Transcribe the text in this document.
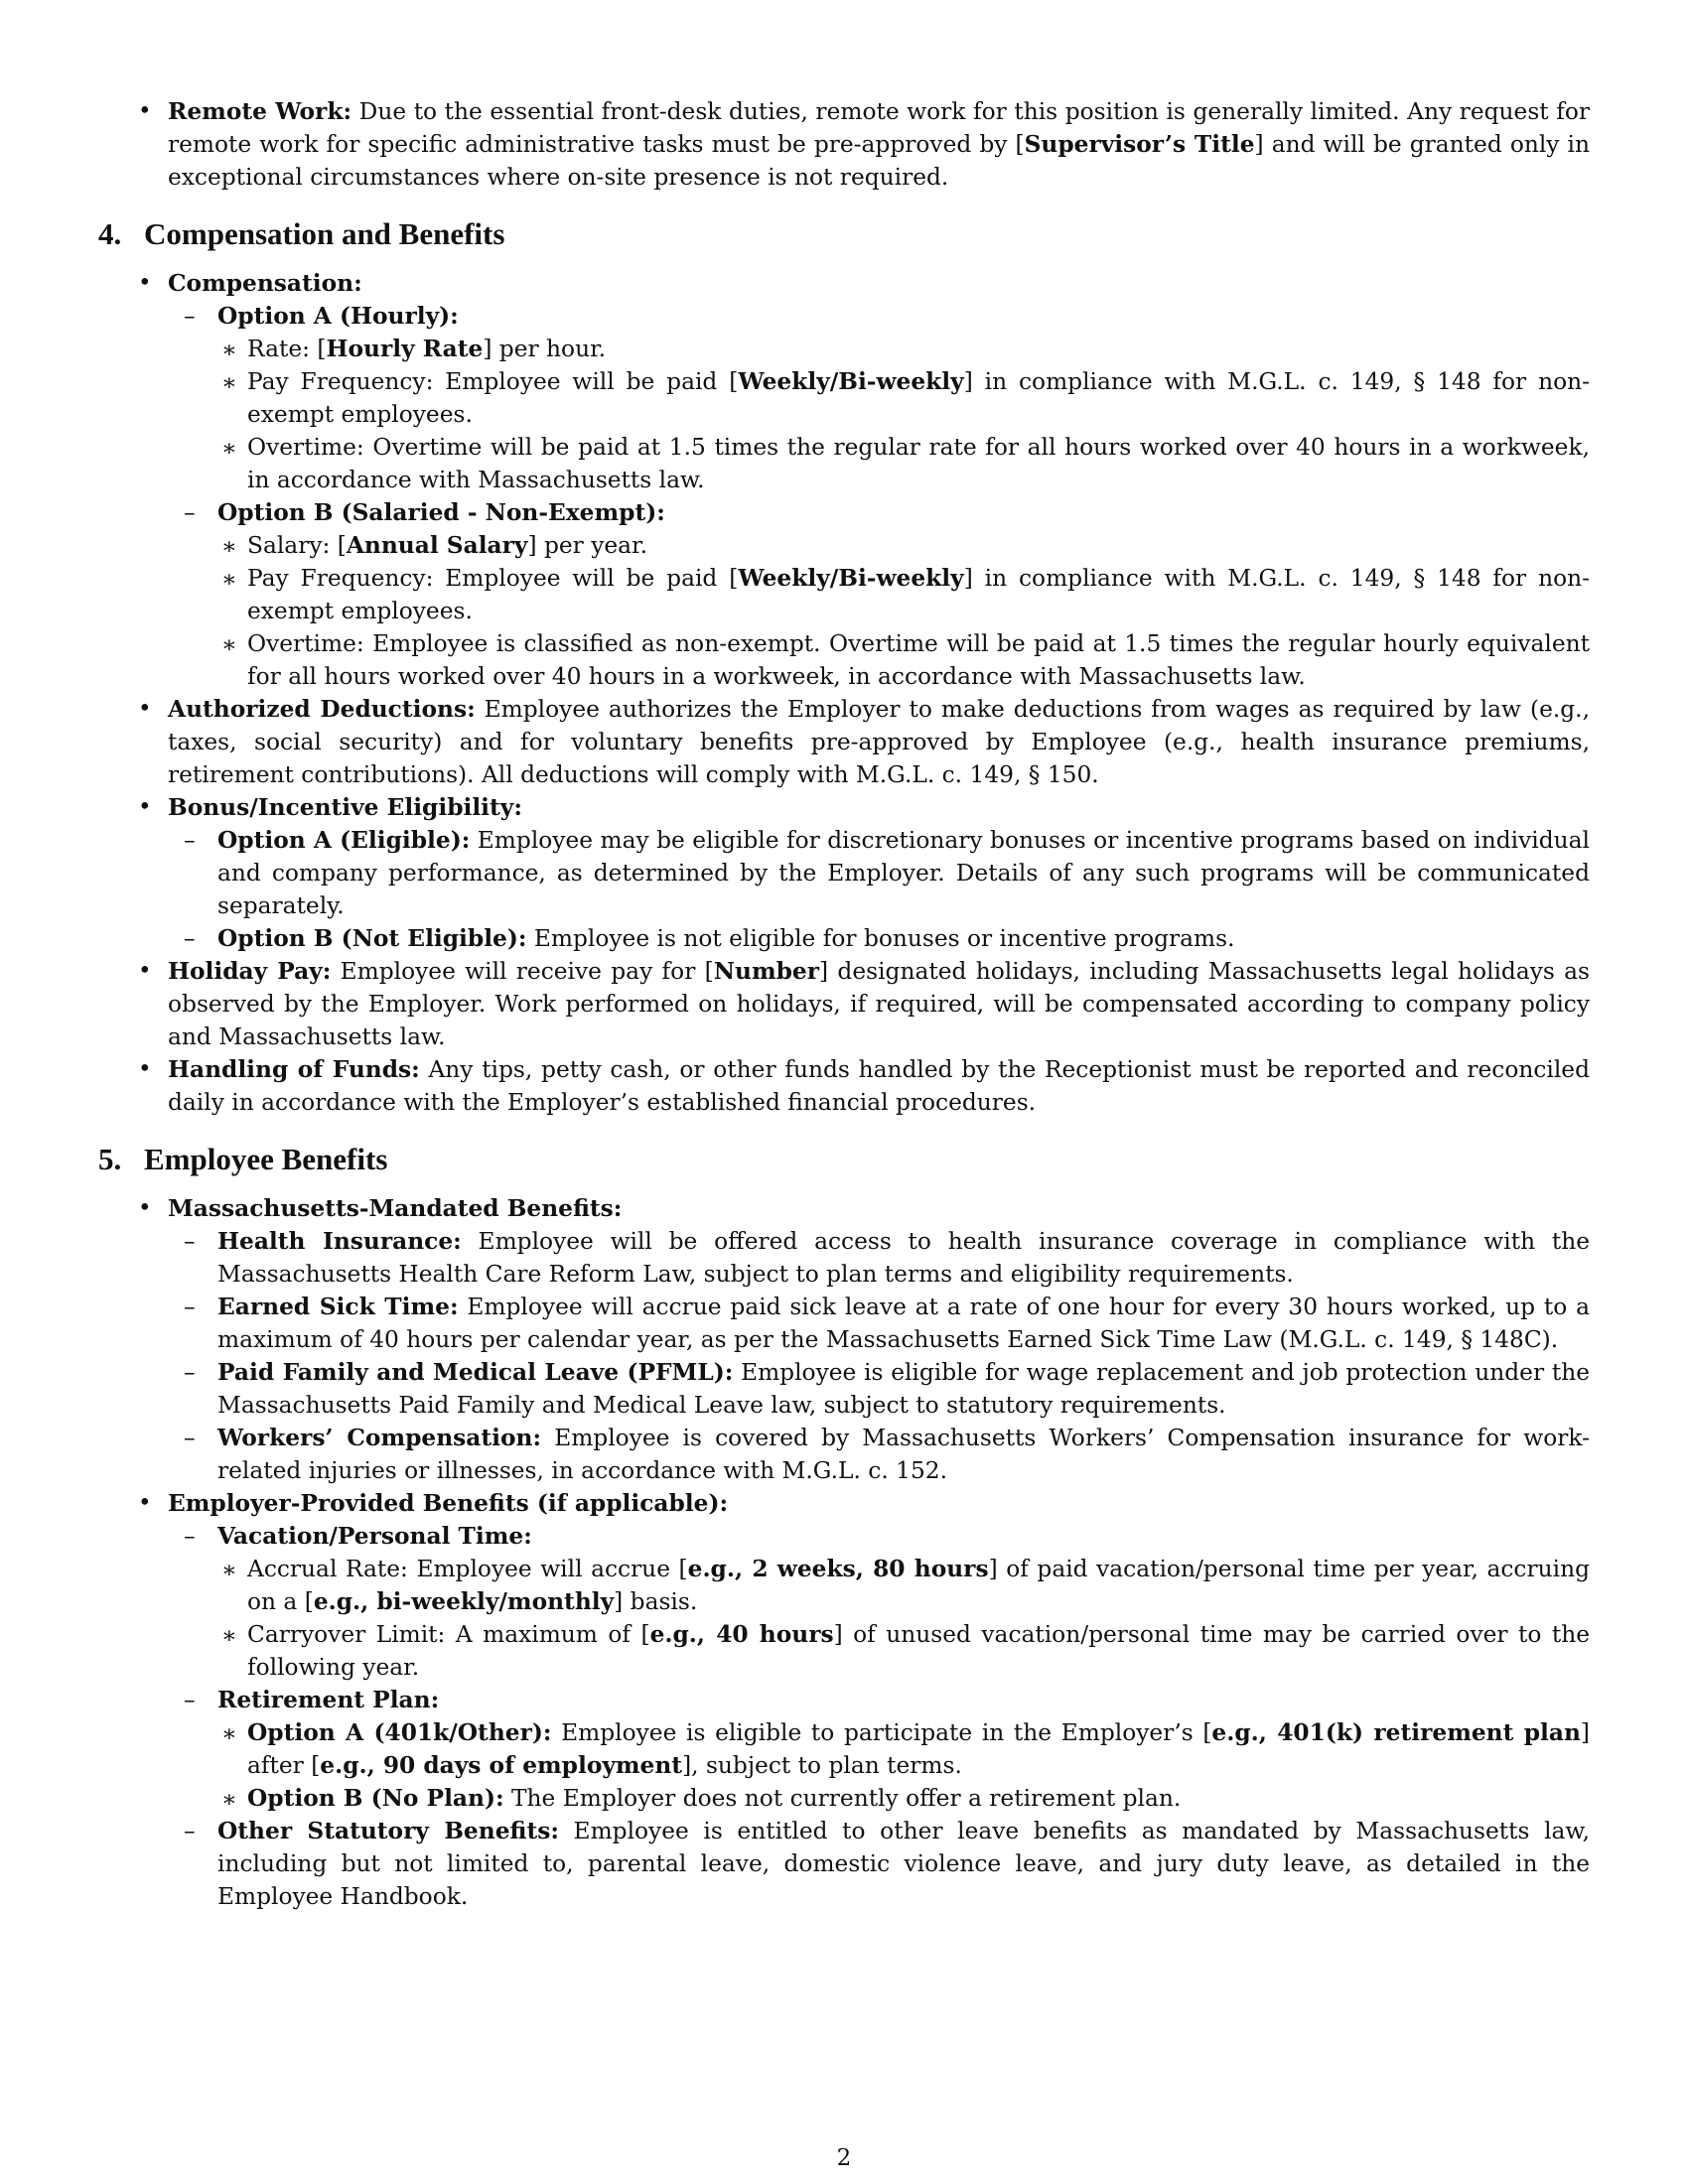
• Remote Work: Due to the essential front-desk duties, remote work for this position is generally limited. Any request for remote work for specific administrative tasks must be pre-approved by [Supervisor’s Title] and will be granted only in exceptional circumstances where on-site presence is not required.
4. Compensation and Benefits
• Compensation:
– Option A (Hourly):
∗ Rate: [Hourly Rate] per hour.
∗ Pay Frequency: Employee will be paid [Weekly/Bi-weekly] in compliance with M.G.L. c. 149, § 148 for non-exempt employees.
∗ Overtime: Overtime will be paid at 1.5 times the regular rate for all hours worked over 40 hours in a workweek, in accordance with Massachusetts law.
– Option B (Salaried - Non-Exempt):
∗ Salary: [Annual Salary] per year.
∗ Pay Frequency: Employee will be paid [Weekly/Bi-weekly] in compliance with M.G.L. c. 149, § 148 for non-exempt employees.
∗ Overtime: Employee is classified as non-exempt. Overtime will be paid at 1.5 times the regular hourly equivalent for all hours worked over 40 hours in a workweek, in accordance with Massachusetts law.
• Authorized Deductions: Employee authorizes the Employer to make deductions from wages as required by law (e.g., taxes, social security) and for voluntary benefits pre-approved by Employee (e.g., health insurance premiums, retirement contributions). All deductions will comply with M.G.L. c. 149, § 150.
• Bonus/Incentive Eligibility:
– Option A (Eligible): Employee may be eligible for discretionary bonuses or incentive programs based on individual and company performance, as determined by the Employer. Details of any such programs will be communicated separately.
– Option B (Not Eligible): Employee is not eligible for bonuses or incentive programs.
• Holiday Pay: Employee will receive pay for [Number] designated holidays, including Massachusetts legal holidays as observed by the Employer. Work performed on holidays, if required, will be compensated according to company policy and Massachusetts law.
• Handling of Funds: Any tips, petty cash, or other funds handled by the Receptionist must be reported and reconciled daily in accordance with the Employer’s established financial procedures.
5. Employee Benefits
• Massachusetts-Mandated Benefits:
– Health Insurance: Employee will be offered access to health insurance coverage in compliance with the Massachusetts Health Care Reform Law, subject to plan terms and eligibility requirements.
– Earned Sick Time: Employee will accrue paid sick leave at a rate of one hour for every 30 hours worked, up to a maximum of 40 hours per calendar year, as per the Massachusetts Earned Sick Time Law (M.G.L. c. 149, § 148C).
– Paid Family and Medical Leave (PFML): Employee is eligible for wage replacement and job protection under the Massachusetts Paid Family and Medical Leave law, subject to statutory requirements.
– Workers’ Compensation: Employee is covered by Massachusetts Workers’ Compensation insurance for work-related injuries or illnesses, in accordance with M.G.L. c. 152.
• Employer-Provided Benefits (if applicable):
– Vacation/Personal Time:
∗ Accrual Rate: Employee will accrue [e.g., 2 weeks, 80 hours] of paid vacation/personal time per year, accruing on a [e.g., bi-weekly/monthly] basis.
∗ Carryover Limit: A maximum of [e.g., 40 hours] of unused vacation/personal time may be carried over to the following year.
– Retirement Plan:
∗ Option A (401k/Other): Employee is eligible to participate in the Employer’s [e.g., 401(k) retirement plan] after [e.g., 90 days of employment], subject to plan terms.
∗ Option B (No Plan): The Employer does not currently offer a retirement plan.
– Other Statutory Benefits: Employee is entitled to other leave benefits as mandated by Massachusetts law, including but not limited to, parental leave, domestic violence leave, and jury duty leave, as detailed in the Employee Handbook.
2
